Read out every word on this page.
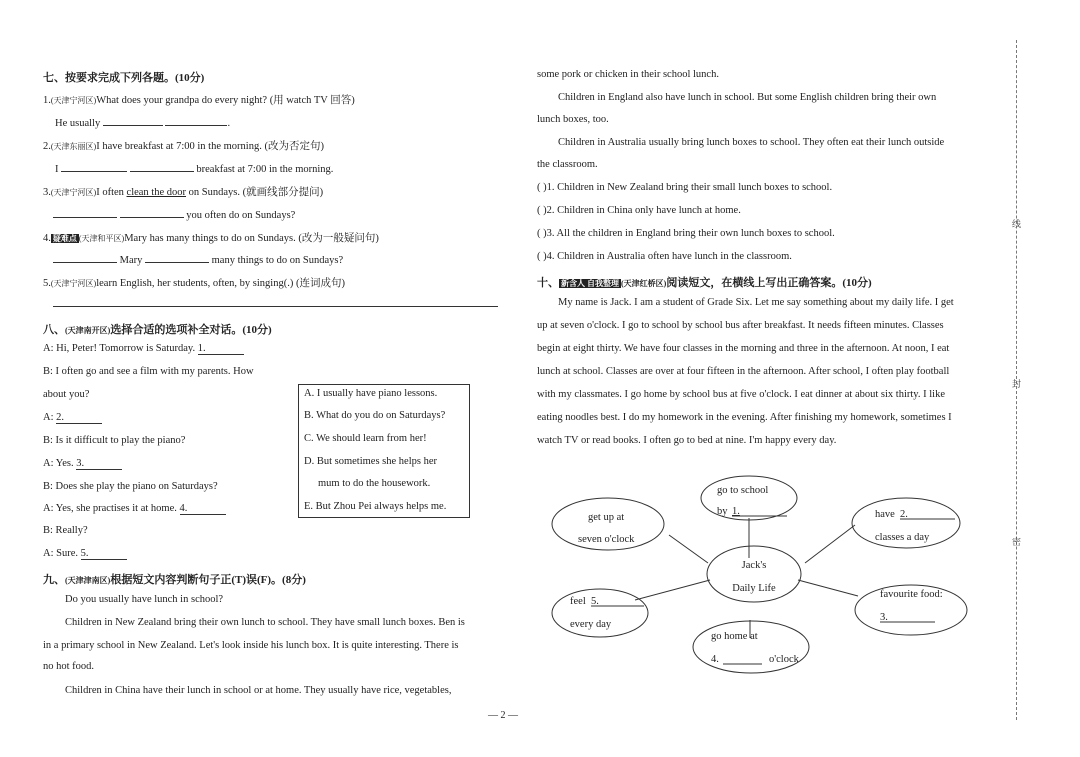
七、按要求完成下列各题。(10分)
1.(天津宁河区)What does your grandpa do every night? (用 watch TV 回答)
He usually	.
2.(天津东丽区)I have breakfast at 7:00 in the morning. (改为否定句)
I	breakfast at 7:00 in the morning.
3.(天津宁河区)I often clean the door on Sundays. (就画线部分提问)
you often do on Sundays?
4. 疑难点 (天津和平区)Mary has many things to do on Sundays. (改为一般疑问句)
Mary	many things to do on Sundays?
5.(天津宁河区)learn English, her students, often, by singing(.) (连词成句)
八、(天津南开区)选择合适的选项补全对话。(10分)
A: Hi, Peter! Tomorrow is Saturday. 1.
B: I often go and see a film with my parents. How
about you?
A: 2.
B: Is it difficult to play the piano?
A: Yes. 3.
B: Does she play the piano on Saturdays?
A: Yes, she practises it at home. 4.
B: Really?
A: Sure. 5.
A. I usually have piano lessons.
B. What do you do on Saturdays?
C. We should learn from her!
D. But sometimes she helps her
mum to do the housework.
E. But Zhou Pei always helps me.
九、(天津津南区)根据短文内容判断句子正(T)误(F)。(8分)
Do you usually have lunch in school?
Children in New Zealand bring their own lunch to school. They have small lunch boxes. Ben is
in a primary school in New Zealand. Let's look inside his lunch box. It is quite interesting. There is
no hot food.
Children in China have their lunch in school or at home. They usually have rice, vegetables,
some pork or chicken in their school lunch.
Children in England also have lunch in school. But some English children bring their own
lunch boxes, too.
Children in Australia usually bring lunch boxes to school. They often eat their lunch outside
the classroom.
( )1. Children in New Zealand bring their small lunch boxes to school.
( )2. Children in China only have lunch at home.
( )3. All the children in England bring their own lunch boxes to school.
( )4. Children in Australia often have lunch in the classroom.
十、 新含人 自我整理 (天津红桥区)阅读短文，在横线上写出正确答案。(10分)
My name is Jack. I am a student of Grade Six. Let me say something about my daily life. I get
up at seven o'clock. I go to school by school bus after breakfast. It needs fifteen minutes. Classes
begin at eight thirty. We have four classes in the morning and three in the afternoon. At noon, I eat
lunch at school. Classes are over at four fifteen in the afternoon. After school, I often play football
with my classmates. I go home by school bus at five o'clock. I eat dinner at about six thirty. I like
eating noodles best. I do my homework in the evening. After finishing my homework, sometimes I
watch TV or read books. I often go to bed at nine. I'm happy every day.
Jack's
Daily Life
go to school
by 1.
get up at
seven o'clock
have 2.
classes a day
feel 5.
every day
favourite food:
3.
go home at
4.	o'clock
— 2 —
线
封
密
